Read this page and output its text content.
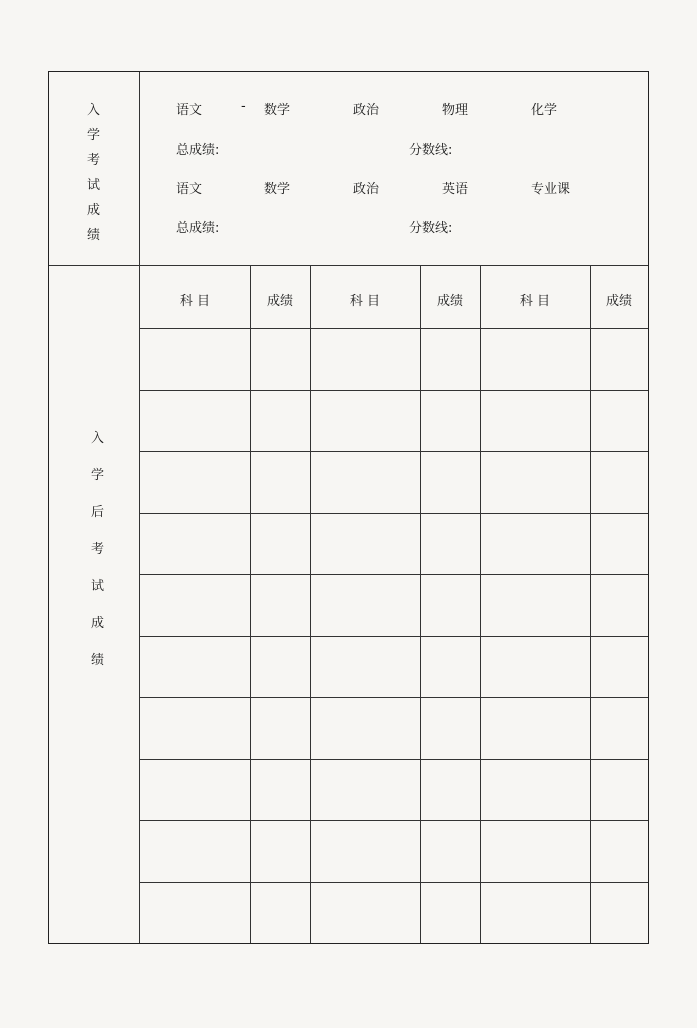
入
学
考
试
成
绩
语文	- 数学	政治	物理	化学
总成绩:	分数线:
语文	数学	政治	英语	专业课
总成绩:	分数线:
入
学
后
考
试
成
绩
科 目	成绩	科 目	成绩	科 目	成绩
